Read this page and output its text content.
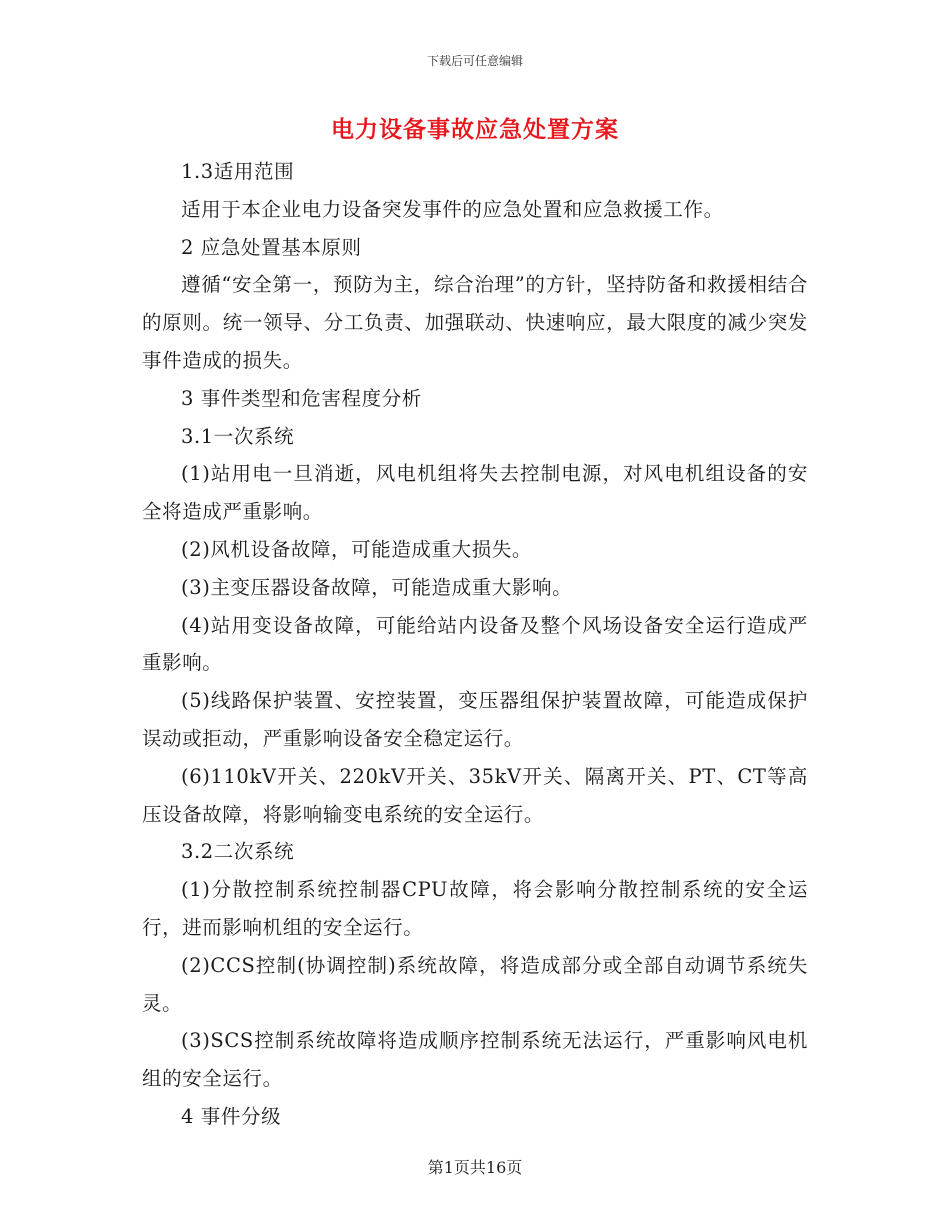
下载后可任意编辑
电力设备事故应急处置方案

1.3适用范围

适用于本企业电力设备突发事件的应急处置和应急救援工作。

2 应急处置基本原则

遵循“安全第一，预防为主，综合治理”的方针，坚持防备和救援相结合的原则。统一领导、分工负责、加强联动、快速响应，最大限度的减少突发事件造成的损失。

3 事件类型和危害程度分析

3.1一次系统

(1)站用电一旦消逝，风电机组将失去控制电源，对风电机组设备的安全将造成严重影响。

(2)风机设备故障，可能造成重大损失。

(3)主变压器设备故障，可能造成重大影响。

(4)站用变设备故障，可能给站内设备及整个风场设备安全运行造成严重影响。

(5)线路保护装置、安控装置，变压器组保护装置故障，可能造成保护误动或拒动，严重影响设备安全稳定运行。

(6)110kV开关、220kV开关、35kV开关、隔离开关、PT、CT等高压设备故障，将影响输变电系统的安全运行。

3.2二次系统

(1)分散控制系统控制器CPU故障，将会影响分散控制系统的安全运行，进而影响机组的安全运行。

(2)CCS控制(协调控制)系统故障，将造成部分或全部自动调节系统失灵。

(3)SCS控制系统故障将造成顺序控制系统无法运行，严重影响风电机组的安全运行。

4 事件分级

第1页共16页
